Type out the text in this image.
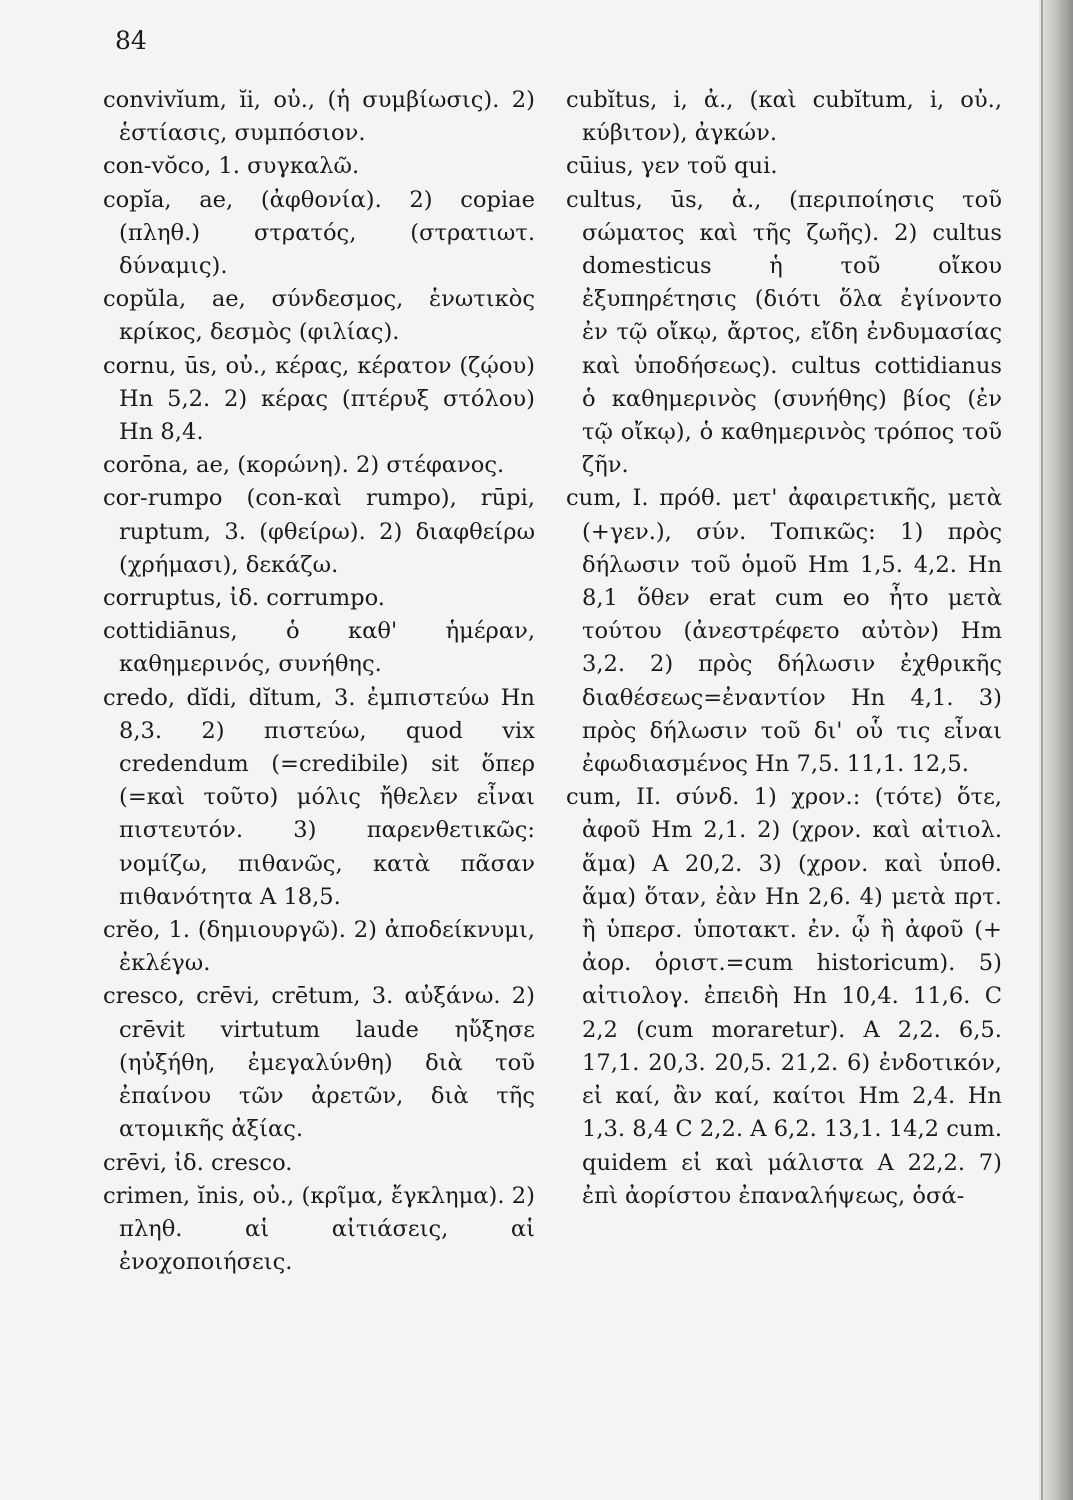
84

convivĭum, ĭi, οὐ., (ἡ συμβίωσις). 2) ἑστίασις, συμπόσιον.

con-vŏco, 1. συγκαλῶ.

copĭa, ae, (ἀφθονία). 2) copiae (πληθ.) στρατός, (στρατιωτ. δύναμις).

copŭla, ae, σύνδεσμος, ἑνωτικὸς κρίκος, δεσμὸς (φιλίας).

cornu, ūs, οὐ., κέρας, κέρατον (ζῴου) Hn 5,2. 2) κέρας (πτέρυξ στόλου) Hn 8,4.

corōna, ae, (κορώνη). 2) στέφανος.

cor-rumpo (con-καὶ rumpo), rūpi, ruptum, 3. (φθείρω). 2) διαφθείρω (χρήμασι), δεκάζω.

corruptus, ἰδ. corrumpo.

cottidiānus, ὁ καθ' ἡμέραν, καθημερινός, συνήθης.

credo, dĭdi, dĭtum, 3. ἐμπιστεύω Hn 8,3. 2) πιστεύω, quod vix credendum (=credibile) sit ὅπερ (=καὶ τοῦτο) μόλις ἤθελεν εἶναι πιστευτόν. 3) παρενθετικῶς: νομίζω, πιθανῶς, κατὰ πᾶσαν πιθανότητα A 18,5.

crĕo, 1. (δημιουργῶ). 2) ἀποδείκνυμι, ἐκλέγω.

cresco, crēvi, crētum, 3. αὐξάνω. 2) crēvit virtutum laude ηὔξησε (ηὐξήθη, ἐμεγαλύνθη) διὰ τοῦ ἐπαίνου τῶν ἀρετῶν, διὰ τῆς ατομικῆς ἀξίας.

crēvi, ἰδ. cresco.

crimen, ĭnis, οὐ., (κρῖμα, ἔγκλημα). 2) πληθ. αἱ αἰτιάσεις, αἱ ἐνοχοποιήσεις.

cubĭtus, i, ἀ., (καὶ cubĭtum, i, οὐ., κύβιτον), ἀγκών.

cūius, γεν τοῦ qui.

cultus, ūs, ἀ., (περιποίησις τοῦ σώματος καὶ τῆς ζωῆς). 2) cultus domesticus ἡ τοῦ οἴκου ἐξυπηρέτησις (διότι ὅλα ἐγίνοντο ἐν τῷ οἴκῳ, ἄρτος, εἴδη ἐνδυμασίας καὶ ὑποδήσεως). cultus cottidianus ὁ καθημερινὸς (συνήθης) βίος (ἐν τῷ οἴκῳ), ὁ καθημερινὸς τρόπος τοῦ ζῆν.

cum, I. πρόθ. μετ' ἀφαιρετικῆς, μετὰ (+γεν.), σύν. Τοπικῶς: 1) πρὸς δήλωσιν τοῦ ὁμοῦ Hm 1,5. 4,2. Hn 8,1 ὅθεν erat cum eo ἦτο μετὰ τούτου (ἀνεστρέφετο αὐτὸν) Hm 3,2. 2) πρὸς δήλωσιν ἐχθρικῆς διαθέσεως=ἐναντίον Hn 4,1. 3) πρὸς δήλωσιν τοῦ δι' οὗ τις εἶναι ἐφωδιασμένος Hn 7,5. 11,1. 12,5.

cum, II. σύνδ. 1) χρον.: (τότε) ὅτε, ἀφοῦ Hm 2,1. 2) (χρον. καὶ αἰτιολ. ἅμα) A 20,2. 3) (χρον. καὶ ὑποθ. ἅμα) ὅταν, ἐὰν Hn 2,6. 4) μετὰ πρτ. ἢ ὑπερσ. ὑποτακτ. ἐν. ᾧ ἢ ἀφοῦ (+ ἀορ. ὁριστ.=cum historicum). 5) αἰτιολογ. ἐπειδὴ Hn 10,4. 11,6. C 2,2 (cum moraretur). A 2,2. 6,5. 17,1. 20,3. 20,5. 21,2. 6) ἐνδοτικόν, εἰ καί, ἂν καί, καίτοι Hm 2,4. Hn 1,3. 8,4 C 2,2. A 6,2. 13,1. 14,2 cum. quidem εἰ καὶ μάλιστα A 22,2. 7) ἐπὶ ἀορίστου ἐπαναλήψεως, ὁσά-
